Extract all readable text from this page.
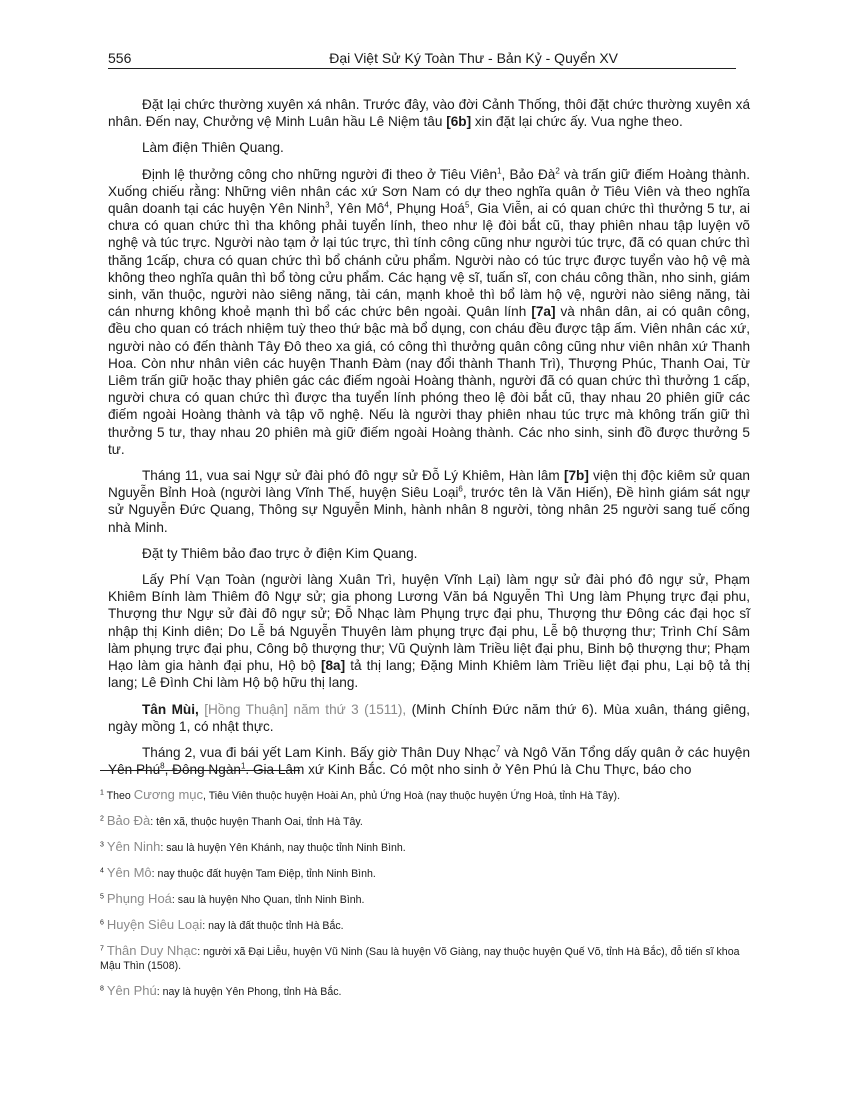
556	Đại Việt Sử Ký Toàn Thư - Bản Kỷ - Quyển XV

Đặt lại chức thường xuyên xá nhân. Trước đây, vào đời Cảnh Thống, thôi đặt chức thường xuyên xá nhân. Đến nay, Chưởng vệ Minh Luân hầu Lê Niệm tâu [6b] xin đặt lại chức ấy. Vua nghe theo.

Làm điện Thiên Quang.

Định lệ thưởng công cho những người đi theo ở Tiêu Viên$^1$, Bảo $Đà^2$ và trấn giữ điếm Hoàng thành. Xuống chiếu rằng: Những viên nhân các xứ Sơn Nam có dự theo nghĩa quân ở Tiêu Viên và theo nghĩa quân doanh tại các huyện Yên Ninh$^3$, Yên $Mô^4$, Phụng Hoá$^5$, Gia Viễn, ai có quan chức thì thưởng 5 tư, ai chưa có quan chức thì tha không phải tuyển lính, theo như lệ đòi bắt cũ, thay phiên nhau tập luyện võ nghệ và túc trực. Người nào tạm ở lại túc trực, thì tính công cũng như người túc trực, đã có quan chức thì thăng 1cấp, chưa có quan chức thì bổ chánh cửu phẩm. Người nào có túc trực được tuyển vào hộ vệ mà không theo nghĩa quân thì bổ tòng cửu phẩm. Các hạng vệ sĩ, tuấn sĩ, con cháu công thần, nho sinh, giám sinh, văn thuộc, người nào siêng năng, tài cán, mạnh khoẻ thì bổ làm hộ vệ, người nào siêng năng, tài cán nhưng không khoẻ mạnh thì bổ các chức bên ngoài. Quân lính [7a] và nhân dân, ai có quân công, đều cho quan có trách nhiệm tuỳ theo thứ bậc mà bổ dụng, con cháu đều được tập ấm. Viên nhân các xứ, người nào có đến thành Tây Đô theo xa giá, có công thì thưởng quân công cũng như viên nhân xứ Thanh Hoa. Còn như nhân viên các huyện Thanh Đàm (nay đổi thành Thanh Trì), Thượng Phúc, Thanh Oai, Từ Liêm trấn giữ hoặc thay phiên gác các điếm ngoài Hoàng thành, người đã có quan chức thì thưởng 1 cấp, người chưa có quan chức thì được tha tuyển lính phóng theo lệ đòi bắt cũ, thay nhau 20 phiên giữ các điếm ngoài Hoàng thành và tập võ nghệ. Nếu là người thay phiên nhau túc trực mà không trấn giữ thì thưởng 5 tư, thay nhau 20 phiên mà giữ điếm ngoài Hoàng thành. Các nho sinh, sinh đồ được thưởng 5 tư.

Tháng 11, vua sai Ngự sử đài phó đô ngự sử Đỗ Lý Khiêm, Hàn lâm [7b] viện thị độc kiêm sử quan Nguyễn Bỉnh Hoà (người làng Vĩnh Thế, huyện Siêu Loại$^6$, trước tên là Văn Hiến), Đề hình giám sát ngự sử Nguyễn Đức Quang, Thông sự Nguyễn Minh, hành nhân 8 người, tòng nhân 25 người sang tuế cống nhà Minh.

Đặt ty Thiêm bảo đao trực ở điện Kim Quang.

Lấy Phí Vạn Toàn (người làng Xuân Trì, huyện Vĩnh Lại) làm ngự sử đài phó đô ngự sử, Phạm Khiêm Bính làm Thiêm đô Ngự sử; gia phong Lương Văn bá Nguyễn Thì Ung làm Phụng trực đại phu, Thượng thư Ngự sử đài đô ngự sử; Đỗ Nhạc làm Phụng trực đại phu, Thượng thư Đông các đại học sĩ nhập thị Kinh diên; Do Lễ bá Nguyễn Thuyên làm phụng trực đại phu, Lễ bộ thượng thư; Trình Chí Sâm làm phụng trực đại phu, Công bộ thượng thư; Vũ Quỳnh làm Triều liệt đại phu, Binh bộ thượng thư; Phạm Hạo làm gia hành đại phu, Hộ bộ [8a] tả thị lang; Đặng Minh Khiêm làm Triều liệt đại phu, Lại bộ tả thị lang; Lê Đình Chi làm Hộ bộ hữu thị lang.

Tân Mùi, [Hồng Thuận] năm thứ 3 (1511), (Minh Chính Đức năm thứ 6). Mùa xuân, tháng giêng, ngày mồng 1, có nhật thực.

Tháng 2, vua đi bái yết Lam Kinh. Bấy giờ Thân Duy Nhạc$^7$ và Ngô Văn Tổng dấy quân ở các huyện Yên Phú$^8$, Đông Ngàn$^1$. Gia Lâm xứ Kinh Bắc. Có một nho sinh ở Yên Phú là Chu Thực, báo cho

$^1$ Theo Cương mục, Tiêu Viên thuộc huyện Hoài An, phủ Ứng Hoà (nay thuộc huyện Ứng Hoà, tỉnh Hà Tây).
$^2$ Bảo Đà: tên xã, thuộc huyện Thanh Oai, tỉnh Hà Tây.
$^3$ Yên Ninh: sau là huyện Yên Khánh, nay thuộc tỉnh Ninh Bình.
$^4$ Yên Mô: nay thuộc đất huyện Tam Điệp, tỉnh Ninh Bình.
$^5$ Phụng Hoá: sau là huyện Nho Quan, tỉnh Ninh Bình.
$^6$ Huyện Siêu Loại: nay là đất thuộc tỉnh Hà Bắc.
$^7$ Thân Duy Nhạc: người xã Đại Liễu, huyện Vũ Ninh (Sau là huyện Võ Giàng, nay thuộc huyện Quế Võ, tỉnh Hà Bắc), đỗ tiến sĩ khoa Mậu Thìn (1508).
$^8$ Yên Phú: nay là huyện Yên Phong, tỉnh Hà Bắc.
